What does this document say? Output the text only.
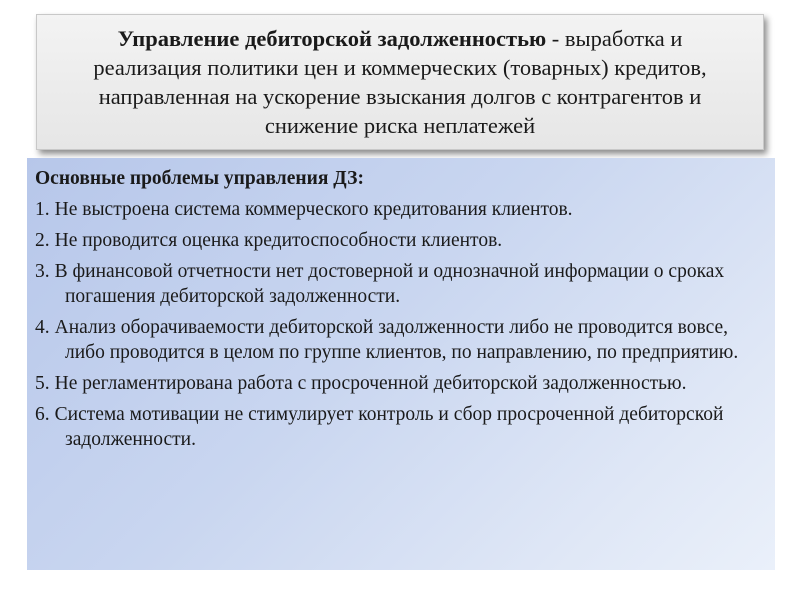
Управление дебиторской задолженностью - выработка и реализация политики цен и коммерческих (товарных) кредитов, направленная на ускорение взыскания долгов с контрагентов и снижение риска неплатежей

Основные проблемы управления ДЗ:

1. Не выстроена система коммерческого кредитования клиентов.
2. Не проводится оценка кредитоспособности клиентов.
3. В финансовой отчетности нет достоверной и однозначной информации о сроках погашения дебиторской задолженности.
4. Анализ оборачиваемости дебиторской задолженности либо не проводится вовсе, либо проводится в целом по группе клиентов, по направлению, по предприятию.
5. Не регламентирована работа с просроченной дебиторской задолженностью.
6. Система мотивации не стимулирует контроль и сбор просроченной дебиторской задолженности.
